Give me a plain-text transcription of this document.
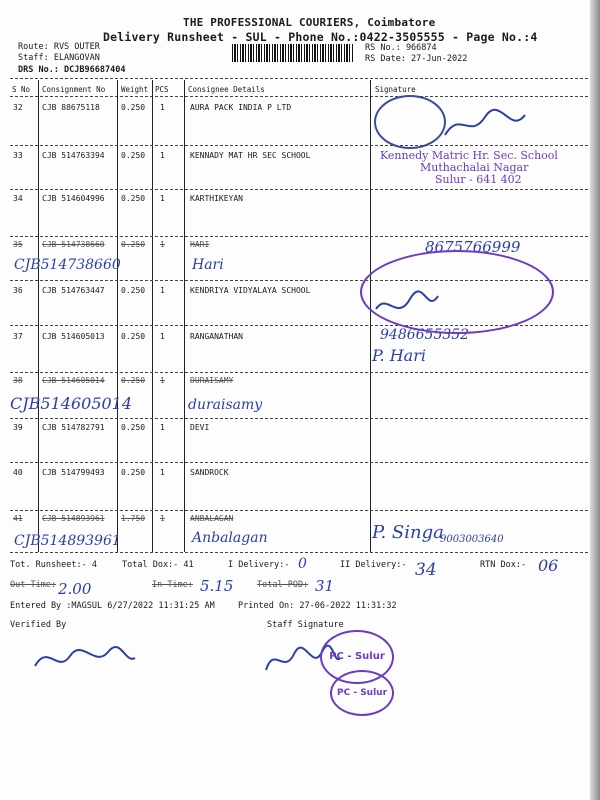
THE PROFESSIONAL COURIERS, Coimbatore
Delivery Runsheet - SUL - Phone No.:0422-3505555 - Page No.:4
Route: RVS OUTER
Staff: ELANGOVAN
DRS No.: DCJB96687404
RS No.: 966874
RS Date: 27-Jun-2022
S No Consignment No Weight PCS	Consignee Details	Signature
32 CJB 88675118	0.250 1	AURA PACK INDIA P LTD
33 CJB 514763394 0.250 1	KENNADY MAT HR SEC SCHOOL
34 CJB 514604996 0.250 1	KARTHIKEYAN
35 CJB 514738660 0.250 1	HARI
36 CJB 514763447 0.250 1	KENDRIYA VIDYALAYA SCHOOL
37 CJB 514605013 0.250 1	RANGANATHAN
38 CJB 514605014 0.250 1	DURAISAMY
39 CJB 514782791 0.250 1	DEVI
40 CJB 514799493 0.250 1	SANDROCK
41 CJB 514893961 1.750 1	ANBALAGAN
CJB514738660	Hari
8675766999
9486655352
P. Hari
CJB514605014	duraisamy
CJB514893961	Anbalagan	P. Singa
9003003640
Kennedy Matric Hr. Sec. School
Muthachalai Nagar
Sulur - 641 402
Tot. Runsheet:- 4	Total Dox:- 41	I Delivery:- 0	II Delivery:- 34	RTN Dox:- 06
Out Time: 2.00	In Time: 5.15	Total POD: 31
Entered By :MAGSUL 6/27/2022 11:31:25 AM	Printed On: 27-06-2022 11:31:32
Verified By	Staff Signature
PC - Sulur
PC - Sulur
